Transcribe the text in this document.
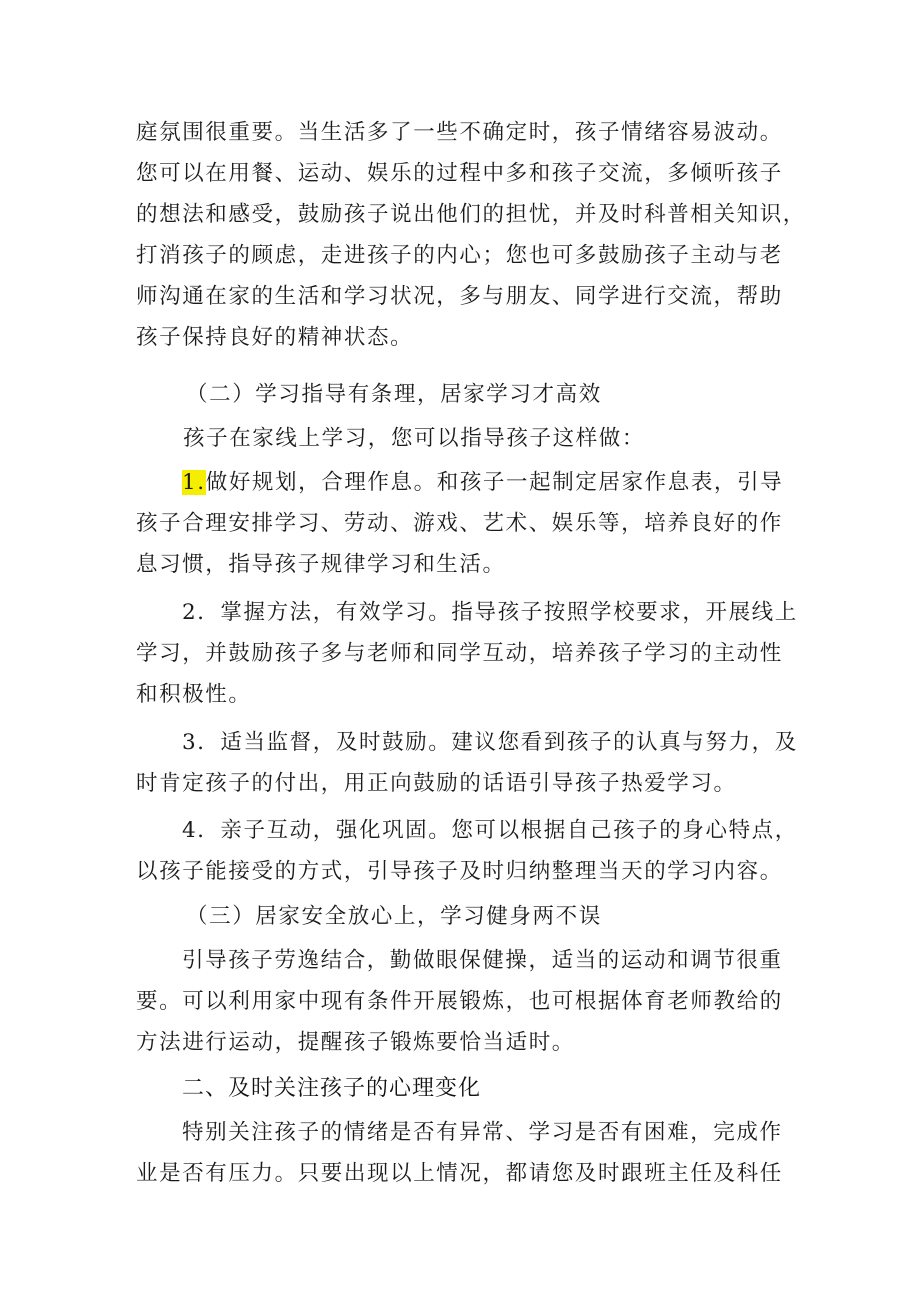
庭氛围很重要。当生活多了一些不确定时，孩子情绪容易波动。
您可以在用餐、运动、娱乐的过程中多和孩子交流，多倾听孩子
的想法和感受，鼓励孩子说出他们的担忧，并及时科普相关知识，
打消孩子的顾虑，走进孩子的内心；您也可多鼓励孩子主动与老
师沟通在家的生活和学习状况，多与朋友、同学进行交流，帮助
孩子保持良好的精神状态。

（二）学习指导有条理，居家学习才高效

孩子在家线上学习，您可以指导孩子这样做：

1.做好规划，合理作息。和孩子一起制定居家作息表，引导
孩子合理安排学习、劳动、游戏、艺术、娱乐等，培养良好的作
息习惯，指导孩子规律学习和生活。
2．掌握方法，有效学习。指导孩子按照学校要求，开展线上
学习，并鼓励孩子多与老师和同学互动，培养孩子学习的主动性
和积极性。
3．适当监督，及时鼓励。建议您看到孩子的认真与努力，及
时肯定孩子的付出，用正向鼓励的话语引导孩子热爱学习。
4．亲子互动，强化巩固。您可以根据自己孩子的身心特点，
以孩子能接受的方式，引导孩子及时归纳整理当天的学习内容。

（三）居家安全放心上，学习健身两不误

引导孩子劳逸结合，勤做眼保健操，适当的运动和调节很重
要。可以利用家中现有条件开展锻炼，也可根据体育老师教给的
方法进行运动，提醒孩子锻炼要恰当适时。

二、及时关注孩子的心理变化

特别关注孩子的情绪是否有异常、学习是否有困难，完成作
业是否有压力。只要出现以上情况，都请您及时跟班主任及科任
